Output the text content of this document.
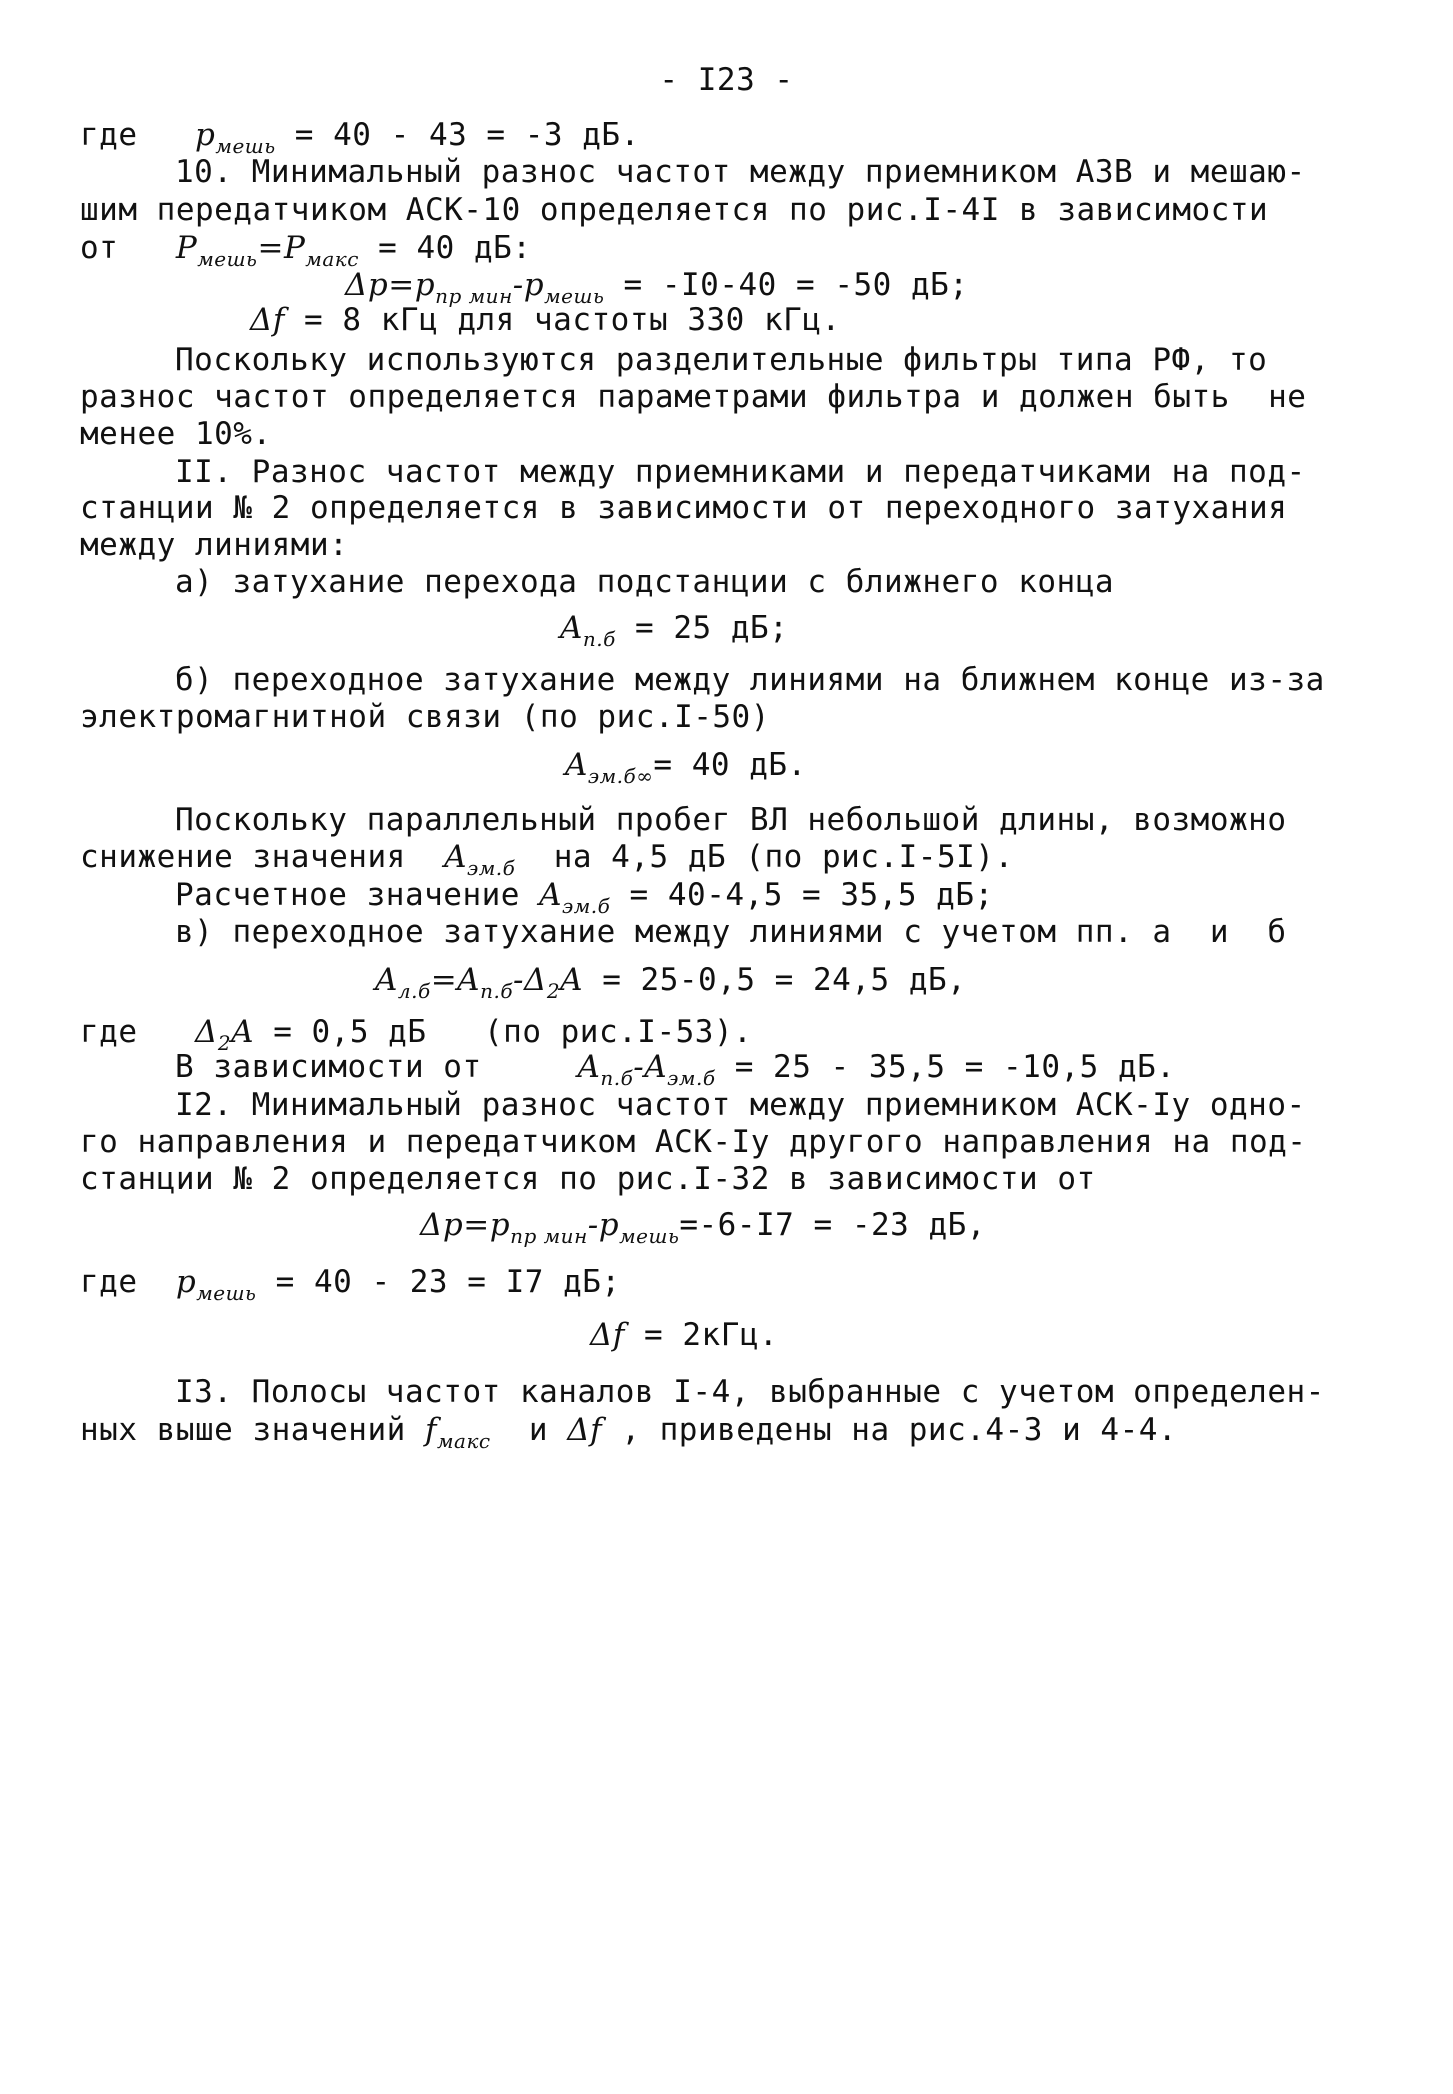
- I23 -
где $p_{мешь} = 40 - 43 = -3$ дБ.
10. Минимальный разнос частот между приемником АЗВ и мешаю-
шим передатчиком АСК-10 определяется по рис.I-4I в зависимости
от $P_{мешь}=P_{макс} = 40$ дБ:
$\Delta p=p_{пр мин}-p_{мешь} = -I0-40 = -50$ дБ;
Δf = 8 кГц для частоты 330 кГц.
Поскольку используются разделительные фильтры типа РФ, то
разнос частот определяется параметрами фильтра и должен быть  не
менее 10%.
II. Разнос частот между приемниками и передатчиками на под-
станции № 2 определяется в зависимости от переходного затухания
между линиями:
а) затухание перехода подстанции с ближнего конца
$A_{п.б} = 25$ дБ;
б) переходное затухание между линиями на ближнем конце из-за
электромагнитной связи (по рис.I-50)
$A_{эм.б\infty}= 40$ дБ.
Поскольку параллельный пробег ВЛ небольшой длины, возможно
снижение значения $A_{эм.б}$ на 4,5 дБ (по рис.I-5I).
Расчетное значение $A_{эм.б} = 40-4,5 = 35,5$ дБ;
в) переходное затухание между линиями с учетом пп. а  и  б
$A_{л.б}=A_{п.б}-\Delta_2A = 25-0,5 = 24,5$ дБ,
где $\Delta_2A = 0,5$ дБ   (по рис.I-53).
В зависимости от	$A_{п.б}-A_{эм.б} = 25 - 35,5 = -10,5$ дБ.
I2. Минимальный разнос частот между приемником АСК-Iу одно-
го направления и передатчиком АСК-Iу другого направления на под-
станции № 2 определяется по рис.I-32 в зависимости от
$\Delta p=p_{пр мин}-p_{мешь}=-6-I7 = -23$ дБ,
где $p_{мешь} = 40 - 23 = I7$ дБ;
Δf = 2кГц.
I3. Полосы частот каналов I-4, выбранные с учетом определен-
ных выше значений $f_{макс}$ и Δf , приведены на рис.4-3 и 4-4.
